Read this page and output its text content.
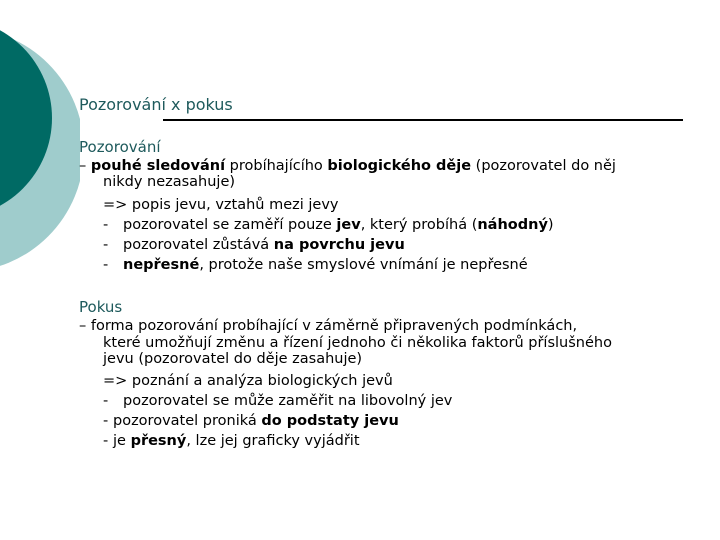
Pozorování x pokus
Pozorování
– pouhé sledování probíhajícího biologického děje (pozorovatel do něj
nikdy nezasahuje)
=> popis jevu, vztahů mezi jevy
- pozorovatel se zaměří pouze jev, který probíhá (náhodný)
- pozorovatel zůstává na povrchu jevu
- nepřesné, protože naše smyslové vnímání je nepřesné
Pokus
– forma pozorování probíhající v záměrně připravených podmínkách,
které umožňují změnu a řízení jednoho či několika faktorů příslušného
jevu (pozorovatel do děje zasahuje)
=> poznání a analýza biologických jevů
- pozorovatel se může zaměřit na libovolný jev
- pozorovatel proniká do podstaty jevu
- je přesný, lze jej graficky vyjádřit
